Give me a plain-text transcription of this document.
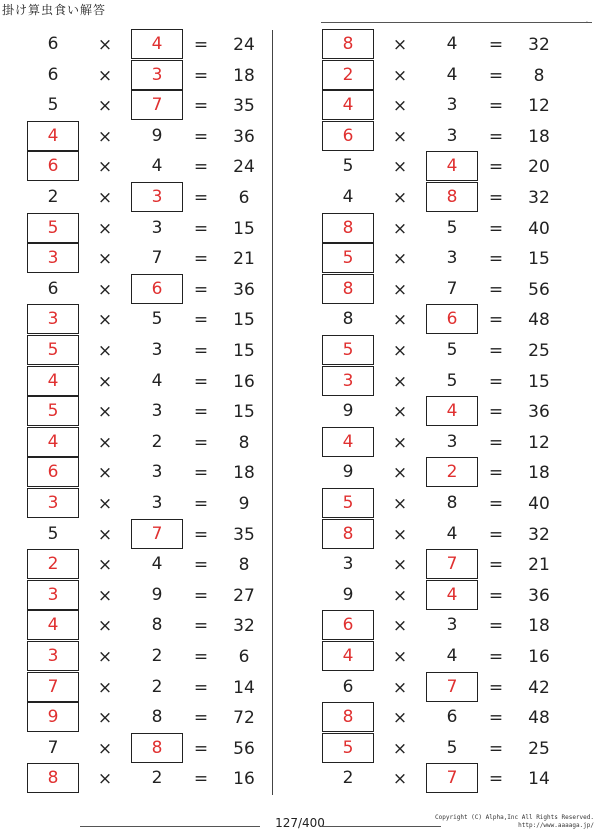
掛け算虫食い解答
.
6	×	4	=	24
6	×	3	=	18
5	×	7	=	35
4	×	9	=	36
6	×	4	=	24
2	×	3	=	6
5	×	3	=	15
3	×	7	=	21
6	×	6	=	36
3	×	5	=	15
5	×	3	=	15
4	×	4	=	16
5	×	3	=	15
4	×	2	=	8
6	×	3	=	18
3	×	3	=	9
5	×	7	=	35
2	×	4	=	8
3	×	9	=	27
4	×	8	=	32
3	×	2	=	6
7	×	2	=	14
9	×	8	=	72
7	×	8	=	56
8	×	2	=	16
8	×	4	=	32
2	×	4	=	8
4	×	3	=	12
6	×	3	=	18
5	×	4	=	20
4	×	8	=	32
8	×	5	=	40
5	×	3	=	15
8	×	7	=	56
8	×	6	=	48
5	×	5	=	25
3	×	5	=	15
9	×	4	=	36
4	×	3	=	12
9	×	2	=	18
5	×	8	=	40
8	×	4	=	32
3	×	7	=	21
9	×	4	=	36
6	×	3	=	18
4	×	4	=	16
6	×	7	=	42
8	×	6	=	48
5	×	5	=	25
2	×	7	=	14
127/400	Copyright (C) Alpha,Inc All Rights Reserved.
http://www.aaaaga.jp/
